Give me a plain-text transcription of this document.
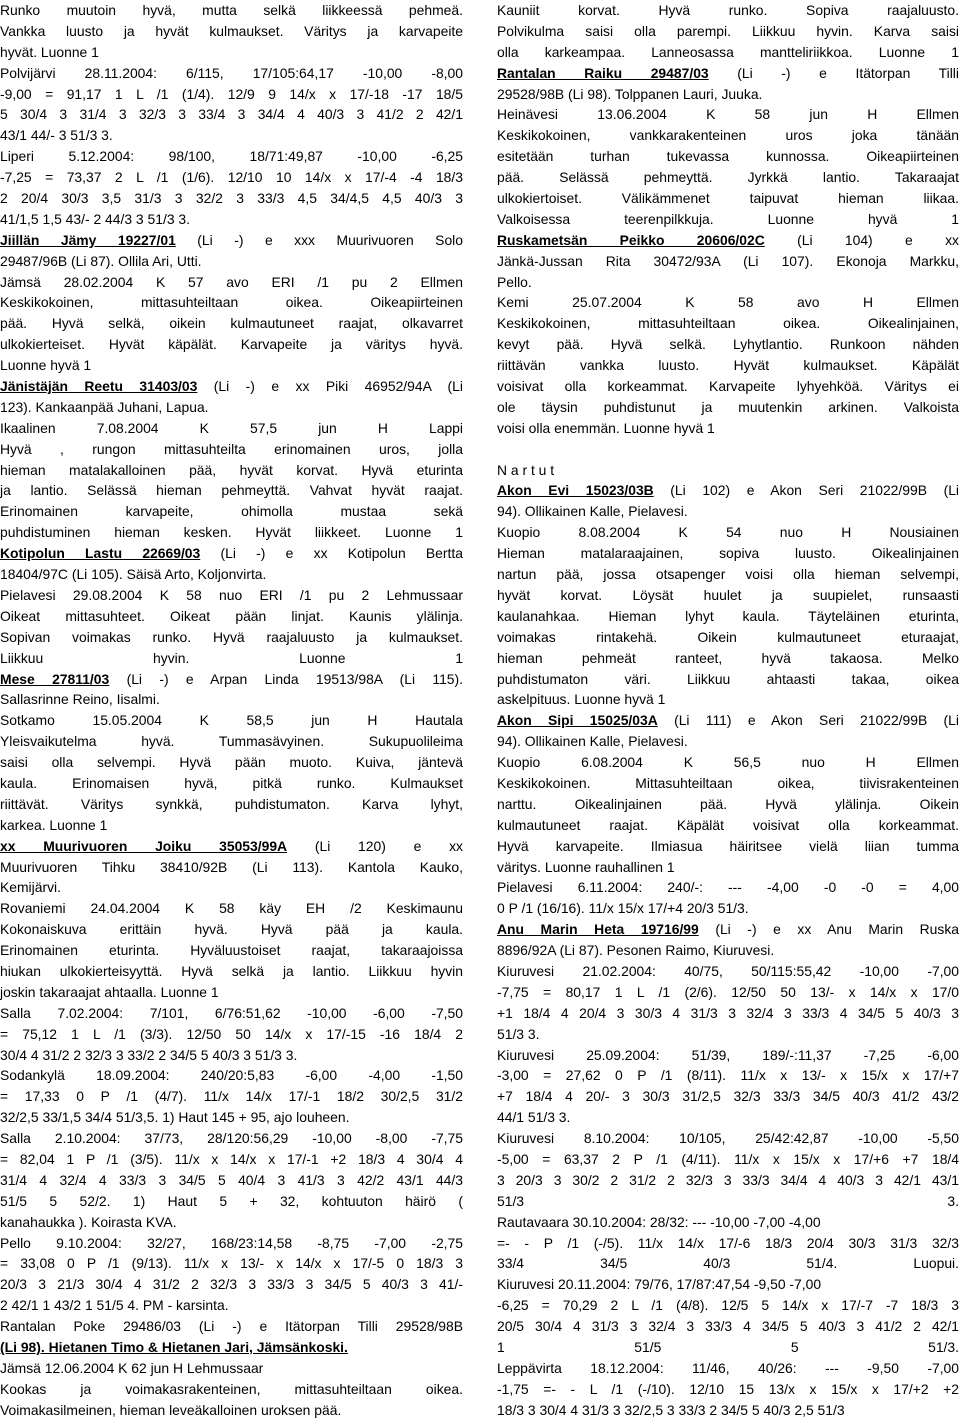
Runko muutoin hyvä, mutta selkä liikkeessä pehmeä.
Vankka luusto ja hyvät kulmaukset. Väritys ja karvapeite
hyvät. Luonne 1
Polvijärvi 28.11.2004: 6/115, 17/105:64,17 -10,00 -8,00
-9,00 = 91,17 1 L /1 (1/4). 12/9 9 14/x x 17/-18 -17 18/5
5 30/4 3 31/4 3 32/3 3 33/4 3 34/4 4 40/3 3 41/2 2 42/1
43/1 44/- 3 51/3 3.
Liperi 5.12.2004: 98/100, 18/71:49,87 -10,00 -6,25
-7,25 = 73,37 2 L /1 (1/6). 12/10 10 14/x x 17/-4 -4 18/3
2 20/4 30/3 3,5 31/3 3 32/2 3 33/3 4,5 34/4,5 4,5 40/3 3
41/1,5 1,5 43/- 2 44/3 3 51/3 3.
Jiillän Jämy 19227/01 (Li -) e xxx Muurivuoren Solo
29487/96B (Li 87). Ollila Ari, Utti.
Jämsä 28.02.2004 K 57 avo ERI /1 pu 2 Ellmen
Keskikokoinen, mittasuhteiltaan oikea. Oikeapiirteinen
pää. Hyvä selkä, oikein kulmautuneet raajat, olkavarret
ulkokierteiset. Hyvät käpälät. Karvapeite ja väritys hyvä.
Luonne hyvä 1
Jänistäjän Reetu 31403/03 (Li -) e xx Piki 46952/94A (Li
123). Kankaanpää Juhani, Lapua.
Ikaalinen 7.08.2004 K 57,5 jun H Lappi
Hyvä , rungon mittasuhteilta erinomainen uros, jolla
hieman matalakalloinen pää, hyvät korvat. Hyvä eturinta
ja lantio. Selässä hieman pehmeyttä. Vahvat hyvät raajat.
Erinomainen karvapeite, ohimolla mustaa sekä
puhdistuminen hieman kesken. Hyvät liikkeet. Luonne 1
Kotipolun Lastu 22669/03 (Li -) e xx Kotipolun Bertta
18404/97C (Li 105). Säisä Arto, Koljonvirta.
Pielavesi 29.08.2004 K 58 nuo ERI /1 pu 2 Lehmussaar
Oikeat mittasuhteet. Oikeat pään linjat. Kaunis ylälinja.
Sopivan voimakas runko. Hyvä raajaluusto ja kulmaukset.
Liikkuu hyvin. Luonne 1
Mese 27811/03 (Li -) e Arpan Linda 19513/98A (Li 115).
Sallasrinne Reino, Iisalmi.
Sotkamo 15.05.2004 K 58,5 jun H Hautala
Yleisvaikutelma hyvä. Tummasävyinen. Sukupuolileima
saisi olla selvempi. Hyvä pään muoto. Kuiva, jäntevä
kaula. Erinomaisen hyvä, pitkä runko. Kulmaukset
riittävät. Väritys synkkä, puhdistumaton. Karva lyhyt,
karkea. Luonne 1
xx Muurivuoren Joiku 35053/99A (Li 120) e xx
Muurivuoren Tihku 38410/92B (Li 113). Kantola Kauko,
Kemijärvi.
Rovaniemi 24.04.2004 K 58 käy EH /2 Keskimaunu
Kokonaiskuva erittäin hyvä. Hyvä pää ja kaula.
Erinomainen eturinta. Hyväluustoiset raajat, takaraajoissa
hiukan ulkokierteisyyttä. Hyvä selkä ja lantio. Liikkuu hyvin
joskin takaraajat ahtaalla. Luonne 1
Salla 7.02.2004: 7/101, 6/76:51,62 -10,00 -6,00 -7,50
= 75,12 1 L /1 (3/3). 12/50 50 14/x x 17/-15 -16 18/4 2
30/4 4 31/2 2 32/3 3 33/2 2 34/5 5 40/3 3 51/3 3.
Sodankylä 18.09.2004: 240/20:5,83 -6,00 -4,00 -1,50
= 17,33 0 P /1 (4/7). 11/x 14/x 17/-1 18/2 30/2,5 31/2
32/2,5 33/1,5 34/4 51/3,5. 1) Haut 145 + 95, ajo louheen.
Salla 2.10.2004: 37/73, 28/120:56,29 -10,00 -8,00 -7,75
= 82,04 1 P /1 (3/5). 11/x x 14/x x 17/-1 +2 18/3 4 30/4 4
31/4 4 32/4 4 33/3 3 34/5 5 40/4 3 41/3 3 42/2 43/1 44/3
51/5 5 52/2. 1) Haut 5 + 32, kohtuuton häirö (
kanahaukka ). Koirasta KVA.
Pello 9.10.2004: 32/27, 168/23:14,58 -8,75 -7,00 -2,75
= 33,08 0 P /1 (9/13). 11/x x 13/- x 14/x x 17/-5 0 18/3 3
20/3 3 21/3 30/4 4 31/2 2 32/3 3 33/3 3 34/5 5 40/3 3 41/-
2 42/1 1 43/2 1 51/5 4. PM - karsinta.
Rantalan Poke 29486/03 (Li -) e Itätorpan Tilli 29528/98B
(Li 98). Hietanen Timo & Hietanen Jari, Jämsänkoski.
Jämsä 12.06.2004 K 62 jun H Lehmussaar
Kookas ja voimakasrakenteinen, mittasuhteiltaan oikea.
Voimakasilmeinen, hieman leveäkalloinen uroksen pää.
Kauniit korvat. Hyvä runko. Sopiva raajaluusto.
Polvikulma saisi olla parempi. Liikkuu hyvin. Karva saisi
olla karkeampaa. Lanneosassa mantteliriikkoa. Luonne 1
Rantalan Raiku 29487/03 (Li -) e Itätorpan Tilli
29528/98B (Li 98). Tolppanen Lauri, Juuka.
Heinävesi 13.06.2004 K 58 jun H Ellmen
Keskikokoinen, vankkarakenteinen uros joka tänään
esitetään turhan tukevassa kunnossa. Oikeapiirteinen
pää. Selässä pehmeyttä. Jyrkkä lantio. Takaraajat
ulkokiertoiset. Välikämmenet taipuvat hieman liikaa.
Valkoisessa teerenpilkkuja. Luonne hyvä 1
Ruskametsän Peikko 20606/02C (Li 104) e xx
Jänkä-Jussan Rita 30472/93A (Li 107). Ekonoja Markku,
Pello.
Kemi 25.07.2004 K 58 avo H Ellmen
Keskikokoinen, mittasuhteiltaan oikea. Oikealinjainen,
kevyt pää. Hyvä selkä. Lyhytlantio. Runkoon nähden
riittävän vankka luusto. Hyvät kulmaukset. Käpälät
voisivat olla korkeammat. Karvapeite lyhyehköä. Väritys ei
ole täysin puhdistunut ja muutenkin arkinen. Valkoista
voisi olla enemmän. Luonne hyvä 1
N a r t u t
Akon Evi 15023/03B (Li 102) e Akon Seri 21022/99B (Li
94). Ollikainen Kalle, Pielavesi.
Kuopio 8.08.2004 K 54 nuo H Nousiainen
Hieman matalaraajainen, sopiva luusto. Oikealinjainen
nartun pää, jossa otsapenger voisi olla hieman selvempi,
hyvät korvat. Löysät huulet ja suupielet, runsaasti
kaulanahkaa. Hieman lyhyt kaula. Täyteläinen eturinta,
voimakas rintakehä. Oikein kulmautuneet eturaajat,
hieman pehmeät ranteet, hyvä takaosa. Melko
puhdistumaton väri. Liikkuu ahtaasti takaa, oikea
askelpituus. Luonne hyvä 1
Akon Sipi 15025/03A (Li 111) e Akon Seri 21022/99B (Li
94). Ollikainen Kalle, Pielavesi.
Kuopio 6.08.2004 K 56,5 nuo H Ellmen
Keskikokoinen. Mittasuhteiltaan oikea, tiivisrakenteinen
narttu. Oikealinjainen pää. Hyvä ylälinja. Oikein
kulmautuneet raajat. Käpälät voisivat olla korkeammat.
Hyvä karvapeite. Ilmiasua häiritsee vielä liian tumma
väritys. Luonne rauhallinen 1
Pielavesi 6.11.2004: 240/-: --- -4,00 -0 -0 = 4,00
0 P /1 (16/16). 11/x 15/x 17/+4 20/3 51/3.
Anu Marin Heta 19716/99 (Li -) e xx Anu Marin Ruska
8896/92A (Li 87). Pesonen Raimo, Kiuruvesi.
Kiuruvesi 21.02.2004: 40/75, 50/115:55,42 -10,00 -7,00
-7,75 = 80,17 1 L /1 (2/6). 12/50 50 13/- x 14/x x 17/0
+1 18/4 4 20/4 3 30/3 4 31/3 3 32/4 3 33/3 4 34/5 5 40/3 3
51/3 3.
Kiuruvesi 25.09.2004: 51/39, 189/-:11,37 -7,25 -6,00
-3,00 = 27,62 0 P /1 (8/11). 11/x x 13/- x 15/x x 17/+7
+7 18/4 4 20/- 3 30/3 31/2,5 32/3 33/3 34/5 40/3 41/2 43/2
44/1 51/3 3.
Kiuruvesi 8.10.2004: 10/105, 25/42:42,87 -10,00 -5,50
-5,00 = 63,37 2 P /1 (4/11). 11/x x 15/x x 17/+6 +7 18/4
3 20/3 3 30/2 2 31/2 2 32/3 3 33/3 34/4 4 40/3 3 42/1 43/1
51/3 3.
Rautavaara 30.10.2004: 28/32: --- -10,00 -7,00 -4,00
=- - P /1 (-/5). 11/x 14/x 17/-6 18/3 20/4 30/3 31/3 32/3
33/4 34/5 40/3 51/4. Luopui.
Kiuruvesi 20.11.2004: 79/76, 17/87:47,54 -9,50 -7,00
-6,25 = 70,29 2 L /1 (4/8). 12/5 5 14/x x 17/-7 -7 18/3 3
20/5 30/4 4 31/3 3 32/4 3 33/3 4 34/5 5 40/3 3 41/2 2 42/1
1 51/5 5 51/3.
Leppävirta 18.12.2004: 11/46, 40/26: --- -9,50 -7,00
-1,75 =- - L /1 (-/10). 12/10 15 13/x x 15/x x 17/+2 +2
18/3 3 30/4 4 31/3 3 32/2,5 3 33/3 2 34/5 5 40/3 2,5 51/3
